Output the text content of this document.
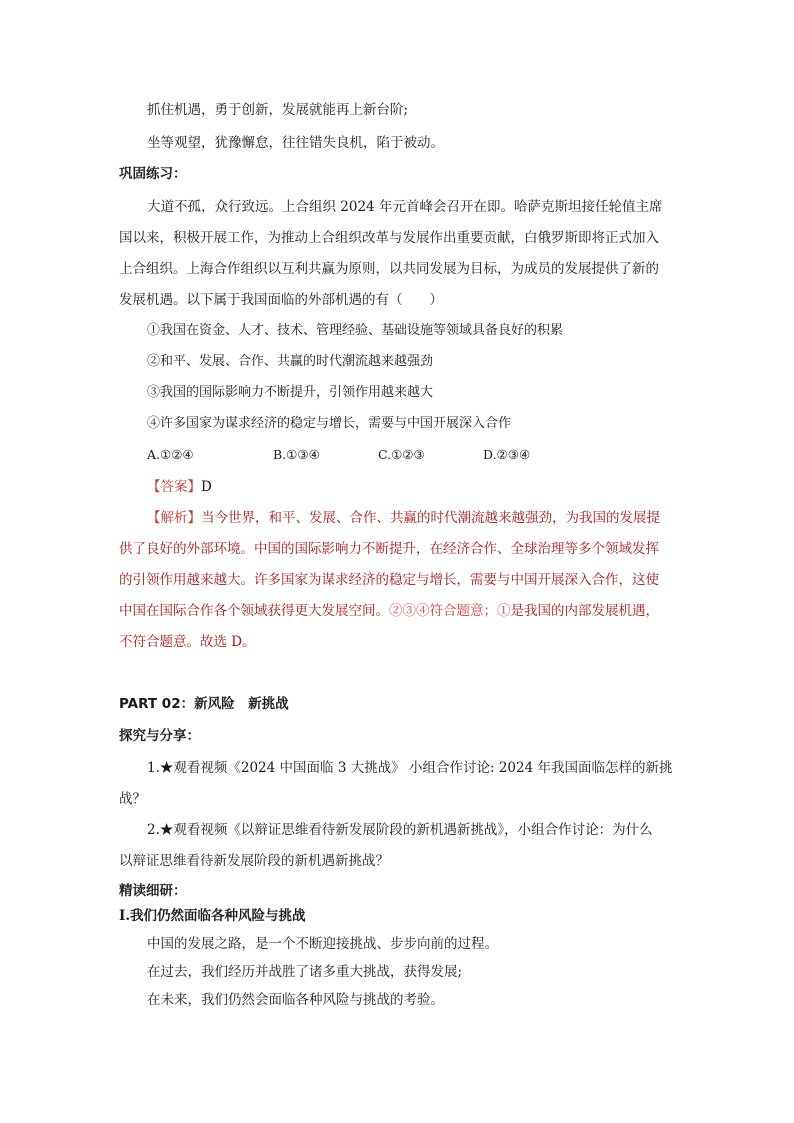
抓住机遇，勇于创新，发展就能再上新台阶;
坐等观望，犹豫懈怠，往往错失良机，陷于被动。
巩固练习：
大道不孤，众行致远。上合组织 2024 年元首峰会召开在即。哈萨克斯坦接任轮值主席
国以来，积极开展工作，为推动上合组织改革与发展作出重要贡献，白俄罗斯即将正式加入
上合组织。上海合作组织以互利共赢为原则，以共同发展为目标，为成员的发展提供了新的
发展机遇。以下属于我国面临的外部机遇的有（　　）
①我国在资金、人才、技术、管理经验、基础设施等领域具备良好的积累
②和平、发展、合作、共赢的时代潮流越来越强劲
③我国的国际影响力不断提升，引领作用越来越大
④许多国家为谋求经济的稳定与增长，需要与中国开展深入合作
A.①②④	B.①③④	C.①②③	D.②③④
【答案】D
【解析】当今世界，和平、发展、合作、共赢的时代潮流越来越强劲，为我国的发展提
供了良好的外部环境。中国的国际影响力不断提升，在经济合作、全球治理等多个领域发挥
的引领作用越来越大。许多国家为谋求经济的稳定与增长，需要与中国开展深入合作，这使
中国在国际合作各个领域获得更大发展空间。②③④符合题意；①是我国的内部发展机遇，
不符合题意。故选 D。
PART 02：新风险　新挑战
探究与分享：
1.★观看视频《2024 中国面临 3 大挑战》 小组合作讨论: 2024 年我国面临怎样的新挑
战？
2.★观看视频《以辩证思维看待新发展阶段的新机遇新挑战》，小组合作讨论：为什么
以辩证思维看待新发展阶段的新机遇新挑战？
精读细研：
Ⅰ.我们仍然面临各种风险与挑战
中国的发展之路，是一个不断迎接挑战、步步向前的过程。
在过去，我们经历并战胜了诸多重大挑战，获得发展;
在未来，我们仍然会面临各种风险与挑战的考验。
